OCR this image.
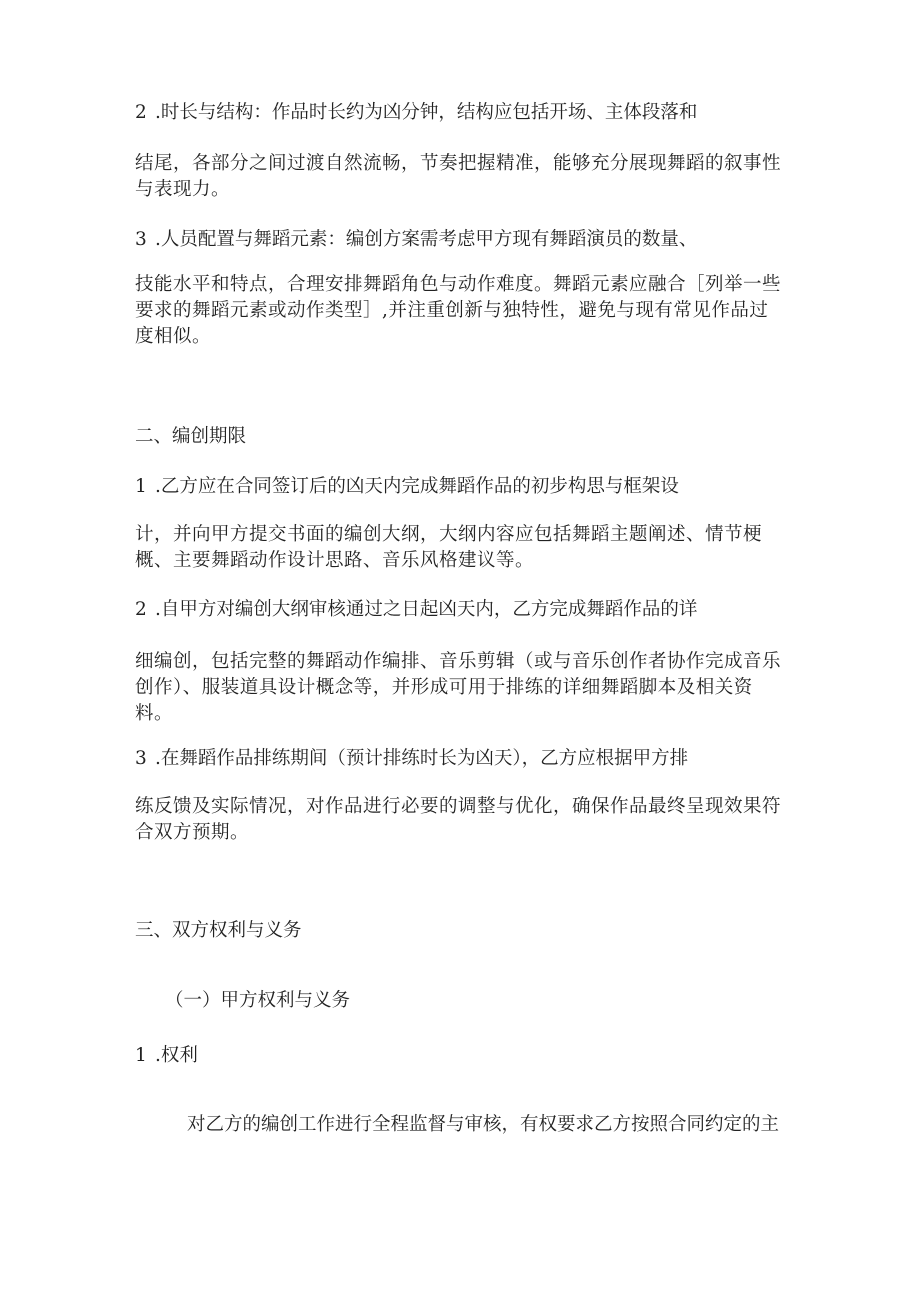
2 .时长与结构：作品时长约为凶分钟，结构应包括开场、主体段落和

结尾，各部分之间过渡自然流畅，节奏把握精准，能够充分展现舞蹈的叙事性与表现力。

3 .人员配置与舞蹈元素：编创方案需考虑甲方现有舞蹈演员的数量、

技能水平和特点，合理安排舞蹈角色与动作难度。舞蹈元素应融合［列举一些要求的舞蹈元素或动作类型］,并注重创新与独特性，避免与现有常见作品过度相似。

二、编创期限

1 .乙方应在合同签订后的凶天内完成舞蹈作品的初步构思与框架设

计，并向甲方提交书面的编创大纲，大纲内容应包括舞蹈主题阐述、情节梗概、主要舞蹈动作设计思路、音乐风格建议等。

2 .自甲方对编创大纲审核通过之日起凶天内，乙方完成舞蹈作品的详

细编创，包括完整的舞蹈动作编排、音乐剪辑（或与音乐创作者协作完成音乐创作）、服装道具设计概念等，并形成可用于排练的详细舞蹈脚本及相关资料。

3 .在舞蹈作品排练期间（预计排练时长为凶天），乙方应根据甲方排

练反馈及实际情况，对作品进行必要的调整与优化，确保作品最终呈现效果符合双方预期。

三、双方权利与义务

（一）甲方权利与义务

1 .权利

对乙方的编创工作进行全程监督与审核，有权要求乙方按照合同约定的主
